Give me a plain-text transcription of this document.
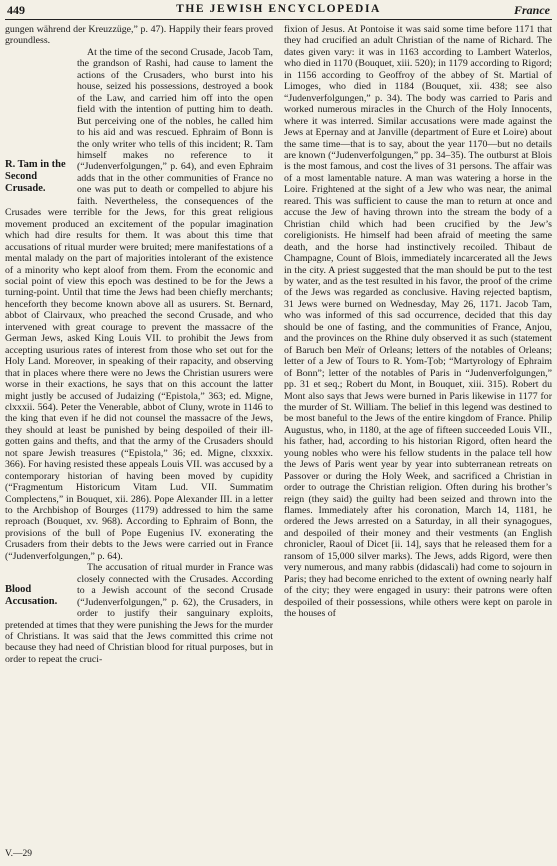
449	THE JEWISH ENCYCLOPEDIA	France

gungen während der Kreuzzüge,” p. 47). Happily their fears proved groundless.

R. Tam in the Second Crusade.

At the time of the second Crusade, Jacob Tam, the grandson of Rashi, had cause to lament the actions of the Crusaders, who burst into his house, seized his possessions, destroyed a book of the Law, and carried him off into the open field with the intention of putting him to death. But perceiving one of the nobles, he called him to his aid and was rescued. Ephraim of Bonn is the only writer who tells of this incident; R. Tam himself makes no reference to it (“Judenverfolgungen,” p. 64), and even Ephraim adds that in the other communities of France no one was put to death or compelled to abjure his faith. Nevertheless, the consequences of the Crusades were terrible for the Jews, for this great religious movement produced an excitement of the popular imagination which had dire results for them. It was about this time that accusations of ritual murder were bruited; mere manifestations of a mental malady on the part of majorities intolerant of the existence of a minority who kept aloof from them. From the economic and social point of view this epoch was destined to be for the Jews a turning-point. Until that time the Jews had been chiefly merchants; henceforth they become known above all as usurers. St. Bernard, abbot of Clairvaux, who preached the second Crusade, and who intervened with great courage to prevent the massacre of the German Jews, asked King Louis VII. to prohibit the Jews from accepting usurious rates of interest from those who set out for the Holy Land. Moreover, in speaking of their rapacity, and observing that in places where there were no Jews the Christian usurers were worse in their exactions, he says that on this account the latter might justly be accused of Judaizing (“Epistola,” 363; ed. Migne, clxxxii. 564). Peter the Venerable, abbot of Cluny, wrote in 1146 to the king that even if he did not counsel the massacre of the Jews, they should at least be punished by being despoiled of their ill-gotten gains and thefts, and that the army of the Crusaders should not spare Jewish treasures (“Epistola,” 36; ed. Migne, clxxxix. 366). For having resisted these appeals Louis VII. was accused by a contemporary historian of having been moved by cupidity (“Fragmentum Historicum Vitam Lud. VII. Summatim Complectens,” in Bouquet, xii. 286). Pope Alexander III. in a letter to the Archbishop of Bourges (1179) addressed to him the same reproach (Bouquet, xv. 968). According to Ephraim of Bonn, the provisions of the bull of Pope Eugenius IV. exonerating the Crusaders from their debts to the Jews were carried out in France (“Judenverfolgungen,” p. 64).

Blood Accusation.

The accusation of ritual murder in France was closely connected with the Crusades. According to a Jewish account of the second Crusade (“Judenverfolgungen,” p. 62), the Crusaders, in order to justify their sanguinary exploits, pretended at times that they were punishing the Jews for the murder of Christians. It was said that the Jews committed this crime not because they had need of Christian blood for ritual purposes, but in order to repeat the cruci-

fixion of Jesus. At Pontoise it was said some time before 1171 that they had crucified an adult Christian of the name of Richard. The dates given vary: it was in 1163 according to Lambert Waterlos, who died in 1170 (Bouquet, xiii. 520); in 1179 according to Rigord; in 1156 according to Geoffroy of the abbey of St. Martial of Limoges, who died in 1184 (Bouquet, xii. 438; see also “Judenverfolgungen,” p. 34). The body was carried to Paris and worked numerous miracles in the Church of the Holy Innocents, where it was interred. Similar accusations were made against the Jews at Epernay and at Janville (department of Eure et Loire) about the same time—that is to say, about the year 1170—but no details are known (“Judenverfolgungen,” pp. 34–35). The outburst at Blois is the most famous, and cost the lives of 31 persons. The affair was of a most lamentable nature. A man was watering a horse in the Loire. Frightened at the sight of a Jew who was near, the animal reared. This was sufficient to cause the man to return at once and accuse the Jew of having thrown into the stream the body of a Christian child which had been crucified by the Jew’s coreligionists. He himself had been afraid of meeting the same death, and the horse had instinctively recoiled. Thibaut de Champagne, Count of Blois, immediately incarcerated all the Jews in the city. A priest suggested that the man should be put to the test by water, and as the test resulted in his favor, the proof of the crime of the Jews was regarded as conclusive. Having rejected baptism, 31 Jews were burned on Wednesday, May 26, 1171. Jacob Tam, who was informed of this sad occurrence, decided that this day should be one of fasting, and the communities of France, Anjou, and the provinces on the Rhine duly observed it as such (statement of Baruch ben Meïr of Orleans; letters of the notables of Orleans; letter of a Jew of Tours to R. Yom-Ṭob; “Martyrology of Ephraim of Bonn”; letter of the notables of Paris in “Judenverfolgungen,” pp. 31 et seq.; Robert du Mont, in Bouquet, xiii. 315). Robert du Mont also says that Jews were burned in Paris likewise in 1177 for the murder of St. William. The belief in this legend was destined to be most baneful to the Jews of the entire kingdom of France. Philip Augustus, who, in 1180, at the age of fifteen succeeded Louis VII., his father, had, according to his historian Rigord, often heard the young nobles who were his fellow students in the palace tell how the Jews of Paris went year by year into subterranean retreats on Passover or during the Holy Week, and sacrificed a Christian in order to outrage the Christian religion. Often during his brother’s reign (they said) the guilty had been seized and thrown into the flames. Immediately after his coronation, March 14, 1181, he ordered the Jews arrested on a Saturday, in all their synagogues, and despoiled of their money and their vestments (an English chronicler, Raoul of Dicet [ii. 14], says that he released them for a ransom of 15,000 silver marks). The Jews, adds Rigord, were then very numerous, and many rabbis (didascali) had come to sojourn in Paris; they had become enriched to the extent of owning nearly half of the city; they were engaged in usury: their patrons were often despoiled of their possessions, while others were kept on parole in the houses of

V.—29
